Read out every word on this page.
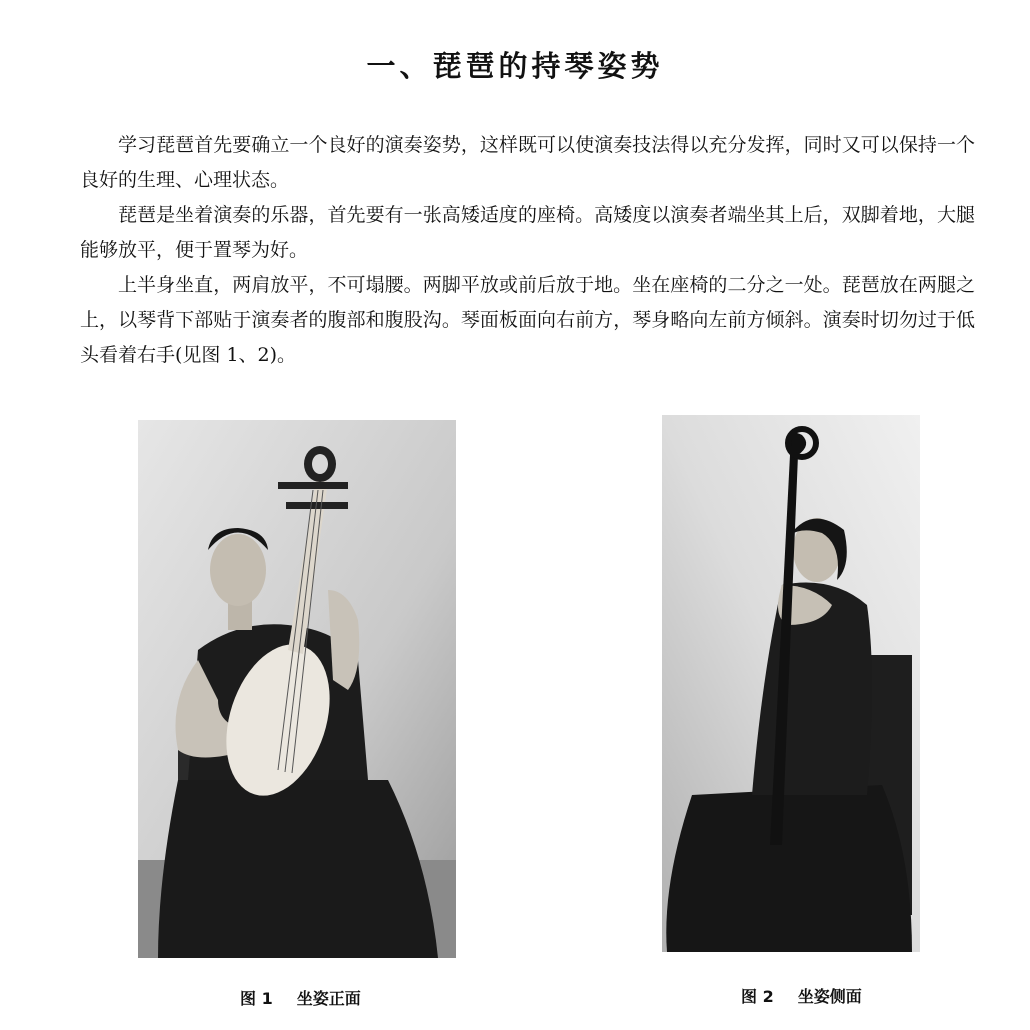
一、琵琶的持琴姿势

学习琵琶首先要确立一个良好的演奏姿势，这样既可以使演奏技法得以充分发挥，同时又可以保持一个良好的生理、心理状态。

琵琶是坐着演奏的乐器，首先要有一张高矮适度的座椅。高矮度以演奏者端坐其上后，双脚着地，大腿能够放平，便于置琴为好。

上半身坐直，两肩放平，不可塌腰。两脚平放或前后放于地。坐在座椅的二分之一处。琵琶放在两腿之上，以琴背下部贴于演奏者的腹部和腹股沟。琴面板面向右前方，琴身略向左前方倾斜。演奏时切勿过于低头看着右手(见图 1、2)。

图 1 坐姿正面	图 2 坐姿侧面
